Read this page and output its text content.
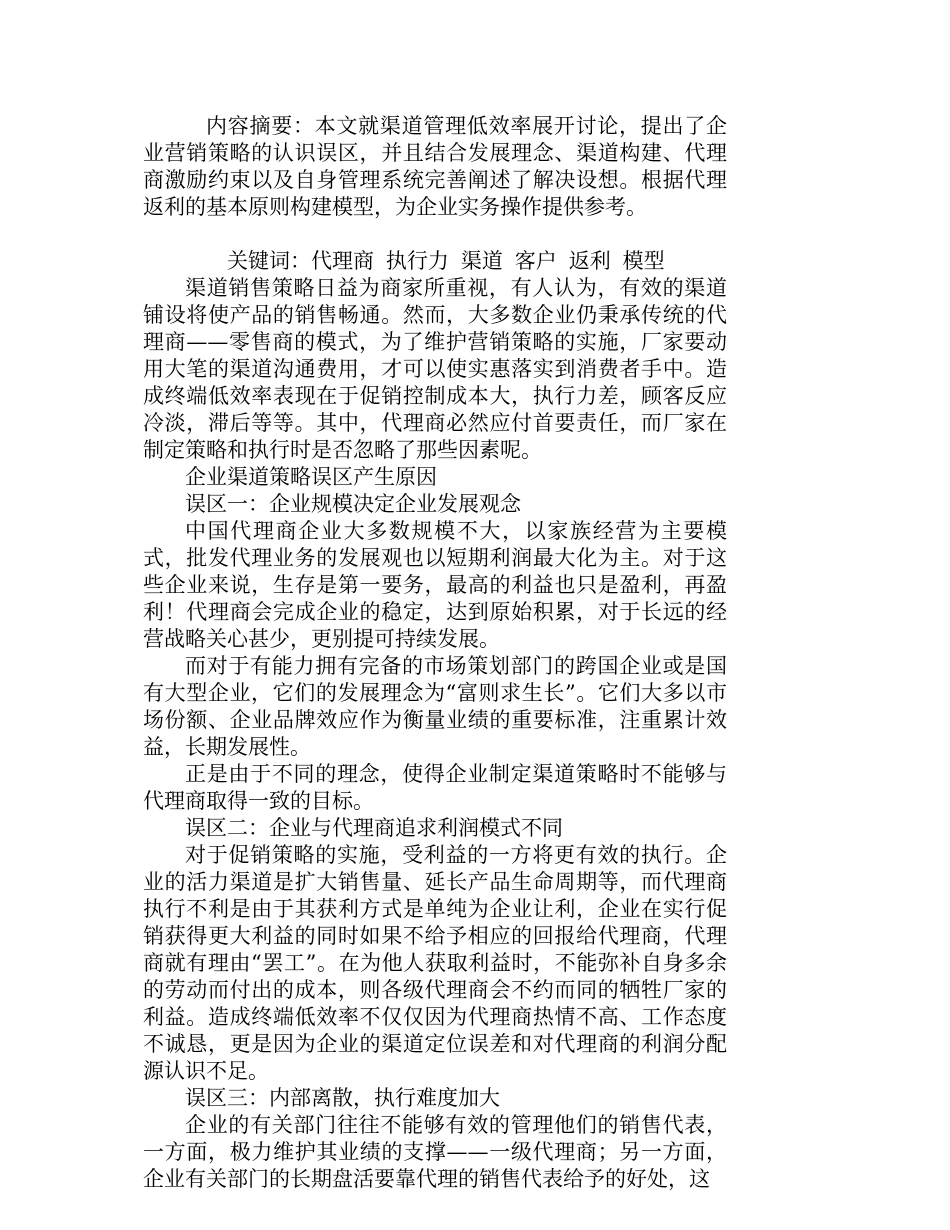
内容摘要：本文就渠道管理低效率展开讨论，提出了企业营销策略的认识误区，并且结合发展理念、渠道构建、代理商激励约束以及自身管理系统完善阐述了解决设想。根据代理返利的基本原则构建模型，为企业实务操作提供参考。

关键词：代理商 执行力 渠道 客户 返利 模型

渠道销售策略日益为商家所重视，有人认为，有效的渠道铺设将使产品的销售畅通。然而，大多数企业仍秉承传统的代理商——零售商的模式，为了维护营销策略的实施，厂家要动用大笔的渠道沟通费用，才可以使实惠落实到消费者手中。造成终端低效率表现在于促销控制成本大，执行力差，顾客反应冷淡，滞后等等。其中，代理商必然应付首要责任，而厂家在制定策略和执行时是否忽略了那些因素呢。

企业渠道策略误区产生原因

误区一：企业规模决定企业发展观念

中国代理商企业大多数规模不大，以家族经营为主要模式，批发代理业务的发展观也以短期利润最大化为主。对于这些企业来说，生存是第一要务，最高的利益也只是盈利，再盈利！代理商会完成企业的稳定，达到原始积累，对于长远的经营战略关心甚少，更别提可持续发展。

而对于有能力拥有完备的市场策划部门的跨国企业或是国有大型企业，它们的发展理念为“富则求生长”。它们大多以市场份额、企业品牌效应作为衡量业绩的重要标准，注重累计效益，长期发展性。

正是由于不同的理念，使得企业制定渠道策略时不能够与代理商取得一致的目标。

误区二：企业与代理商追求利润模式不同

对于促销策略的实施，受利益的一方将更有效的执行。企业的活力渠道是扩大销售量、延长产品生命周期等，而代理商执行不利是由于其获利方式是单纯为企业让利，企业在实行促销获得更大利益的同时如果不给予相应的回报给代理商，代理商就有理由“罢工”。在为他人获取利益时，不能弥补自身多余的劳动而付出的成本，则各级代理商会不约而同的牺牲厂家的利益。造成终端低效率不仅仅因为代理商热情不高、工作态度不诚恳，更是因为企业的渠道定位误差和对代理商的利润分配源认识不足。

误区三：内部离散，执行难度加大

企业的有关部门往往不能够有效的管理他们的销售代表，一方面，极力维护其业绩的支撑——一级代理商；另一方面，企业有关部门的长期盘活要靠代理的销售代表给予的好处，这
